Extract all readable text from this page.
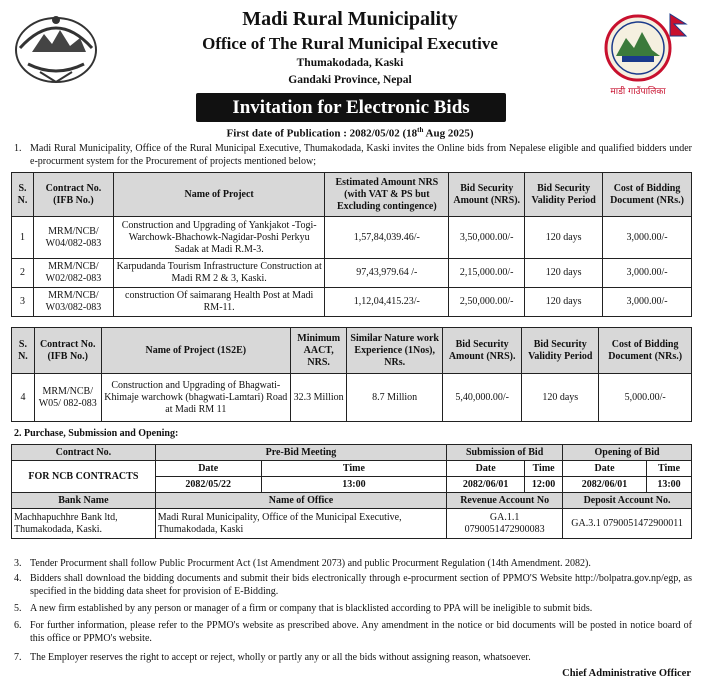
माडी गाउँपालिका
Madi Rural Municipality
Office of The Rural Municipal Executive
Thumakodada, Kaski
Gandaki Province, Nepal
Invitation for Electronic Bids
First date of Publication : 2082/05/02 (18th Aug 2025)
1. Madi Rural Municipality, Office of the Rural Municipal Executive, Thumakodada, Kaski invites the Online bids from Nepalese eligible and qualified bidders under e-procurment system for the Procurement of projects mentioned below;
S. N.	Contract No. (IFB No.)	Name of Project	Estimated Amount NRS (with VAT & PS but Excluding contingence)	Bid Security Amount (NRS).	Bid Security Validity Period	Cost of Bidding Document (NRs.)
1	MRM/NCB/ W04/082-083	Construction and Upgrading of Yankjakot -Togi-Warchowk-Bhachowk-Nagidar-Poshi Perkyu Sadak at Madi R.M-3.	1,57,84,039.46/-	3,50,000.00/-	120 days	3,000.00/-
2	MRM/NCB/ W02/082-083	Karpudanda Tourism Infrastructure Construction at Madi RM 2 & 3, Kaski.	97,43,979.64 /-	2,15,000.00/-	120 days	3,000.00/-
3	MRM/NCB/ W03/082-083	construction Of saimarang Health Post at Madi RM-11.	1,12,04,415.23/-	2,50,000.00/-	120 days	3,000.00/-
S. N.	Contract No. (IFB No.)	Name of Project (1S2E)	Minimum AACT, NRS.	Similar Nature work Experience (1Nos), NRs.	Bid Security Amount (NRS).	Bid Security Validity Period	Cost of Bidding Document (NRs.)
4	MRM/NCB/ W05/ 082-083	Construction and Upgrading of Bhagwati-Khimaje warchowk (bhagwati-Lamtari) Road at Madi RM 11	32.3 Million	8.7 Million	5,40,000.00/-	120 days	5,000.00/-
2. Purchase, Submission and Opening:
Contract No.	Pre-Bid Meeting		Submission of Bid		Opening of Bid	
FOR NCB CONTRACTS	Date	Time	Date	Time	Date	Time
	2082/05/22	13:00	2082/06/01	12:00	2082/06/01	13:00
Bank Name	Name of Office		Revenue Account No		Deposit Account No.	
Machhapuchhre Bank ltd, Thumakodada, Kaski.	Madi Rural Municipality, Office of the Municipal Executive, Thumakodada, Kaski		GA.1.1 0790051472900083		GA.3.1 0790051472900011	
3. Tender Procurment shall follow Public Procurment Act (1st Amendment 2073) and public Procurment Regulation (14th Amendment. 2082).
4. Bidders shall download the bidding documents and submit their bids electronically through e-procurment section of PPMO'S Website http://bolpatra.gov.np/egp, as specified in the bidding data sheet for provision of E-Bidding.
5. A new firm established by any person or manager of a firm or company that is blacklisted according to PPA will be ineligible to submit bids.
6. For further information, please refer to the PPMO's website as prescribed above. Any amendment in the notice or bid documents will be posted in notice board of this office or PPMO's website.
7. The Employer reserves the right to accept or reject, wholly or partly any or all the bids without assigning reason, whatsoever.
Chief Administrative Officer
